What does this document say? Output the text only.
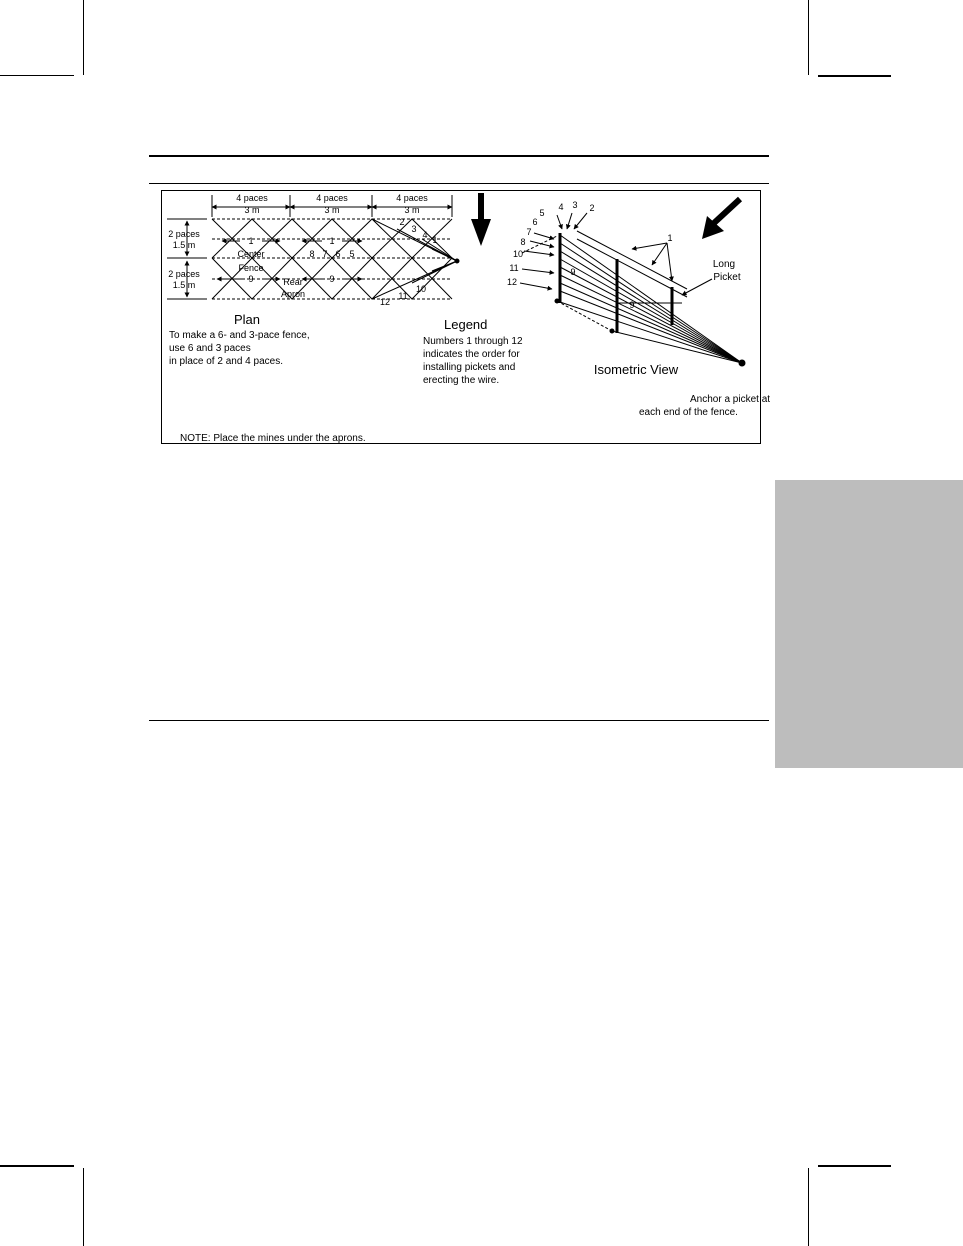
4 paces
3 m
4 paces
3 m
4 paces
3 m
2 paces
1.5 m
2 paces
1.5 m
Center
Fence
Rear
Apron
1	1
8 7 6 5
9	9
2
3
4 1
10
11
12
Plan
To make a 6- and 3-pace fence,
use 6 and 3 paces
in place of 2 and 4 paces.
NOTE: Place the mines under the aprons.
Legend
Numbers 1 through 12
indicates the order for
installing pickets and
erecting the wire.
4 3
5	2
6
7
8
10
11
12
1
9
9
Long
Picket
Isometric View
Anchor a picket at
each end of the fence.
